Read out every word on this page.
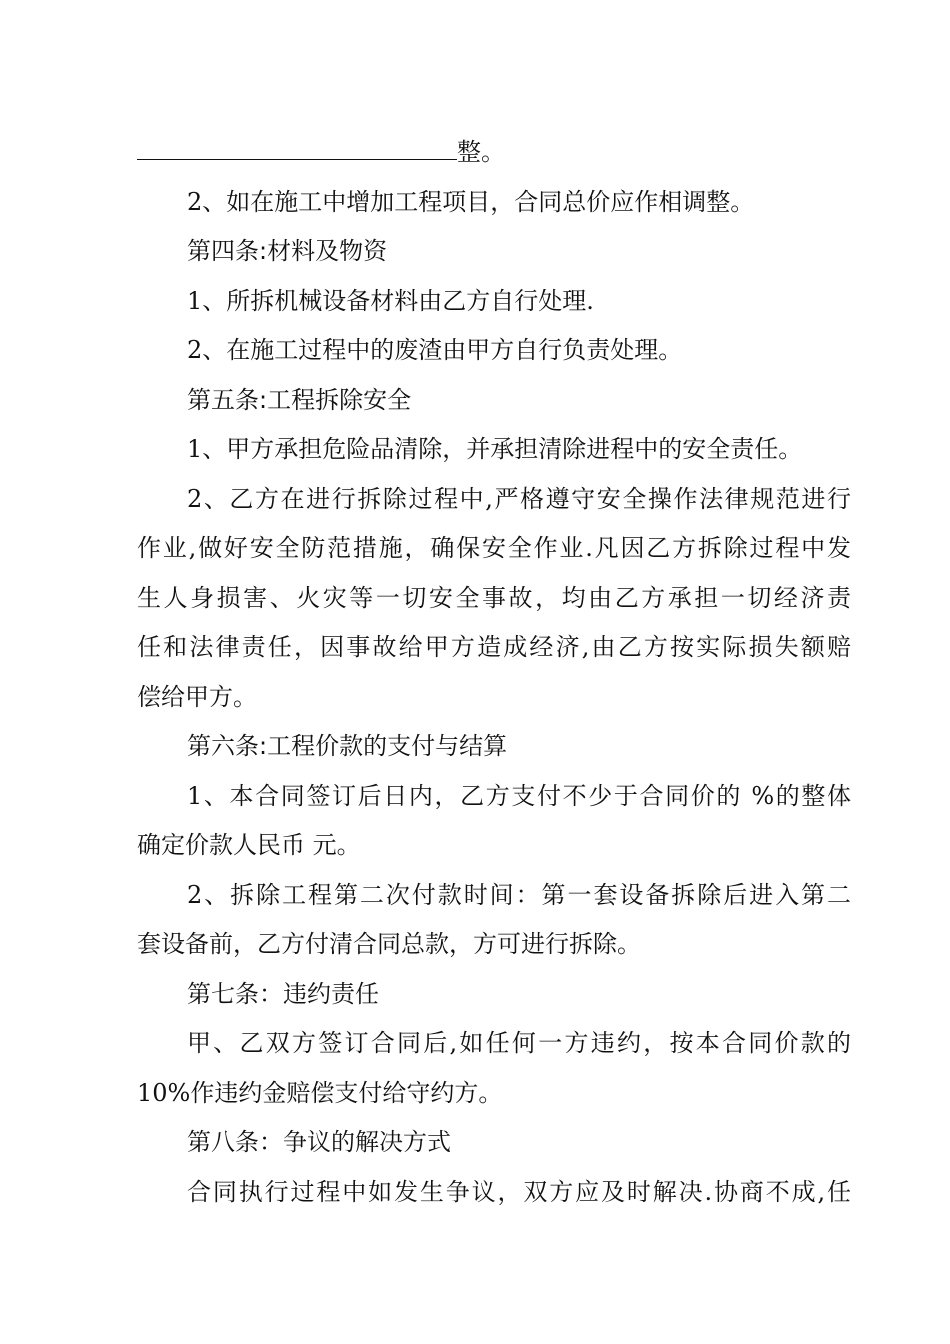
整。
2、如在施工中增加工程项目，合同总价应作相调整。
第四条:材料及物资
1、所拆机械设备材料由乙方自行处理.
2、在施工过程中的废渣由甲方自行负责处理。
第五条:工程拆除安全
1、甲方承担危险品清除，并承担清除进程中的安全责任。
2、乙方在进行拆除过程中,严格遵守安全操作法律规范进行
作业,做好安全防范措施，确保安全作业.凡因乙方拆除过程中发
生人身损害、火灾等一切安全事故，均由乙方承担一切经济责
任和法律责任，因事故给甲方造成经济,由乙方按实际损失额赔
偿给甲方。
第六条:工程价款的支付与结算
1、本合同签订后日内，乙方支付不少于合同价的 %的整体
确定价款人民币 元。
2、拆除工程第二次付款时间：第一套设备拆除后进入第二
套设备前，乙方付清合同总款，方可进行拆除。
第七条：违约责任
甲、乙双方签订合同后,如任何一方违约，按本合同价款的
10%作违约金赔偿支付给守约方。
第八条：争议的解决方式
合同执行过程中如发生争议，双方应及时解决.协商不成,任
